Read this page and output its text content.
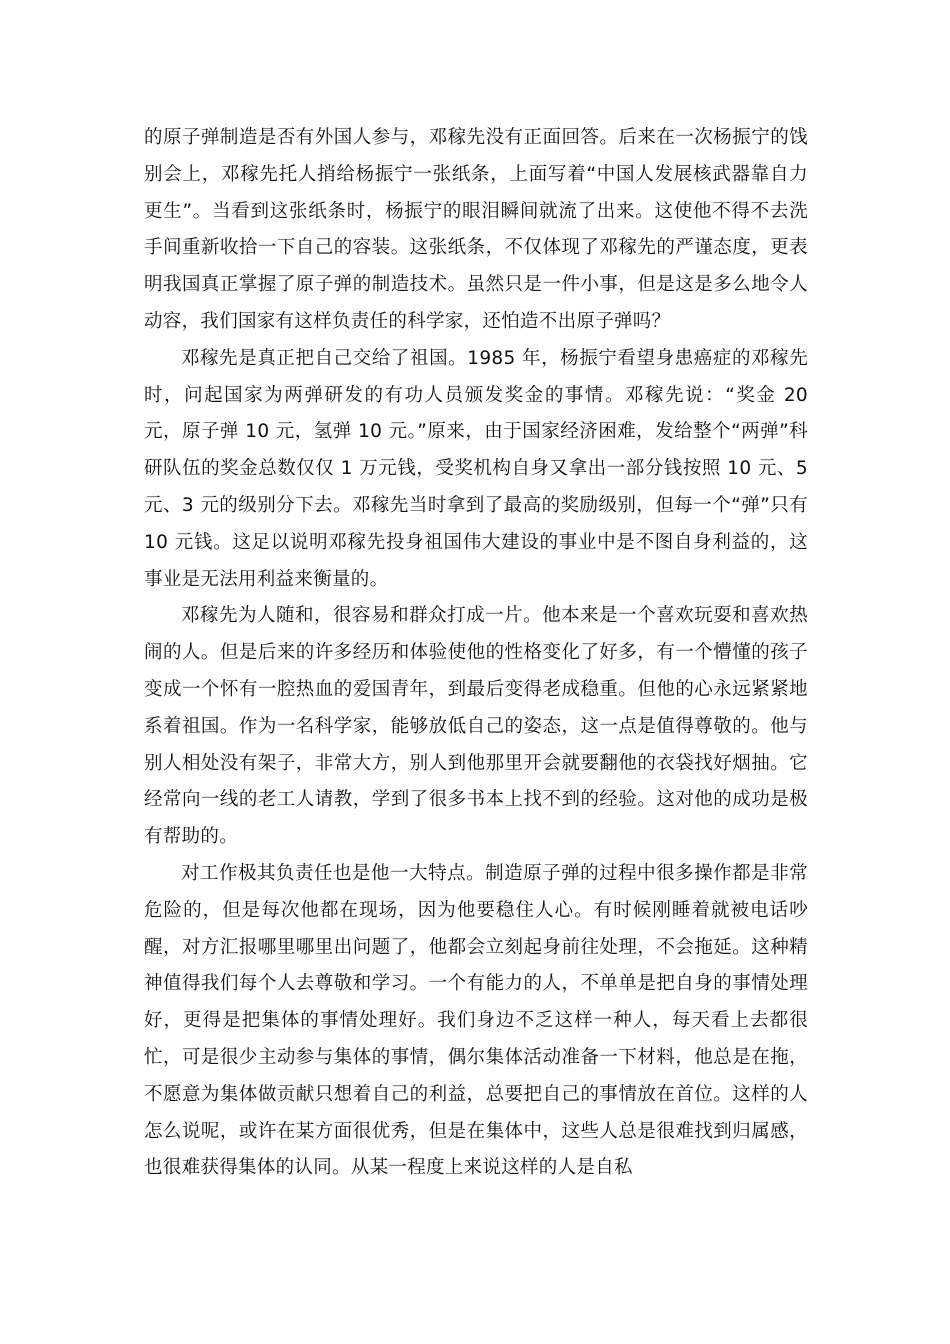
的原子弹制造是否有外国人参与，邓稼先没有正面回答。后来在一次杨振宁的饯别会上，邓稼先托人捎给杨振宁一张纸条，上面写着“中国人发展核武器靠自力更生”。当看到这张纸条时，杨振宁的眼泪瞬间就流了出来。这使他不得不去洗手间重新收拾一下自己的容装。这张纸条，不仅体现了邓稼先的严谨态度，更表明我国真正掌握了原子弹的制造技术。虽然只是一件小事，但是这是多么地令人动容，我们国家有这样负责任的科学家，还怕造不出原子弹吗？

邓稼先是真正把自己交给了祖国。1985 年，杨振宁看望身患癌症的邓稼先时，问起国家为两弹研发的有功人员颁发奖金的事情。邓稼先说：“奖金 20 元，原子弹 10 元，氢弹 10 元。”原来，由于国家经济困难，发给整个“两弹”科研队伍的奖金总数仅仅 1 万元钱，受奖机构自身又拿出一部分钱按照 10 元、5 元、3 元的级别分下去。邓稼先当时拿到了最高的奖励级别，但每一个“弹”只有 10 元钱。这足以说明邓稼先投身祖国伟大建设的事业中是不图自身利益的，这事业是无法用利益来衡量的。

邓稼先为人随和，很容易和群众打成一片。他本来是一个喜欢玩耍和喜欢热闹的人。但是后来的许多经历和体验使他的性格变化了好多，有一个懵懂的孩子变成一个怀有一腔热血的爱国青年，到最后变得老成稳重。但他的心永远紧紧地系着祖国。作为一名科学家，能够放低自己的姿态，这一点是值得尊敬的。他与别人相处没有架子，非常大方，别人到他那里开会就要翻他的衣袋找好烟抽。它经常向一线的老工人请教，学到了很多书本上找不到的经验。这对他的成功是极有帮助的。

对工作极其负责任也是他一大特点。制造原子弹的过程中很多操作都是非常危险的，但是每次他都在现场，因为他要稳住人心。有时候刚睡着就被电话吵醒，对方汇报哪里哪里出问题了，他都会立刻起身前往处理，不会拖延。这种精神值得我们每个人去尊敬和学习。一个有能力的人，不单单是把自身的事情处理好，更得是把集体的事情处理好。我们身边不乏这样一种人，每天看上去都很忙，可是很少主动参与集体的事情，偶尔集体活动准备一下材料，他总是在拖，不愿意为集体做贡献只想着自己的利益，总要把自己的事情放在首位。这样的人怎么说呢，或许在某方面很优秀，但是在集体中，这些人总是很难找到归属感，也很难获得集体的认同。从某一程度上来说这样的人是自私
